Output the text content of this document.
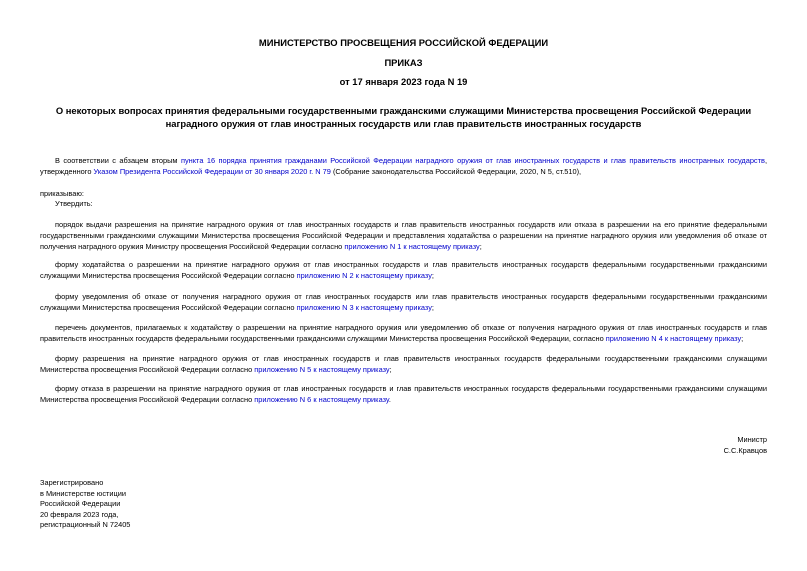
МИНИСТЕРСТВО ПРОСВЕЩЕНИЯ РОССИЙСКОЙ ФЕДЕРАЦИИ
ПРИКАЗ
от 17 января 2023 года N 19
О некоторых вопросах принятия федеральными государственными гражданскими служащими Министерства просвещения Российской Федерации наградного оружия от глав иностранных государств или глав правительств иностранных государств
В соответствии с абзацем вторым пункта 16 порядка принятия гражданами Российской Федерации наградного оружия от глав иностранных государств и глав правительств иностранных государств, утвержденного Указом Президента Российской Федерации от 30 января 2020 г. N 79 (Собрание законодательства Российской Федерации, 2020, N 5, ст.510),
приказываю:
Утвердить:
порядок выдачи разрешения на принятие наградного оружия от глав иностранных государств и глав правительств иностранных государств или отказа в разрешении на его принятие федеральными государственными гражданскими служащими Министерства просвещения Российской Федерации и представления ходатайства о разрешении на принятие наградного оружия или уведомления об отказе от получения наградного оружия Министру просвещения Российской Федерации согласно приложению N 1 к настоящему приказу;
форму ходатайства о разрешении на принятие наградного оружия от глав иностранных государств и глав правительств иностранных государств федеральными государственными гражданскими служащими Министерства просвещения Российской Федерации согласно приложению N 2 к настоящему приказу;
форму уведомления об отказе от получения наградного оружия от глав иностранных государств или глав правительств иностранных государств федеральными государственными гражданскими служащими Министерства просвещения Российской Федерации согласно приложению N 3 к настоящему приказу;
перечень документов, прилагаемых к ходатайству о разрешении на принятие наградного оружия или уведомлению об отказе от получения наградного оружия от глав иностранных государств и глав правительств иностранных государств федеральными государственными гражданскими служащими Министерства просвещения Российской Федерации, согласно приложению N 4 к настоящему приказу;
форму разрешения на принятие наградного оружия от глав иностранных государств и глав правительств иностранных государств федеральными государственными гражданскими служащими Министерства просвещения Российской Федерации согласно приложению N 5 к настоящему приказу;
форму отказа в разрешении на принятие наградного оружия от глав иностранных государств и глав правительств иностранных государств федеральными государственными гражданскими служащими Министерства просвещения Российской Федерации согласно приложению N 6 к настоящему приказу.
Министр
С.С.Кравцов
Зарегистрировано
в Министерстве юстиции
Российской Федерации
20 февраля 2023 года,
регистрационный N 72405
